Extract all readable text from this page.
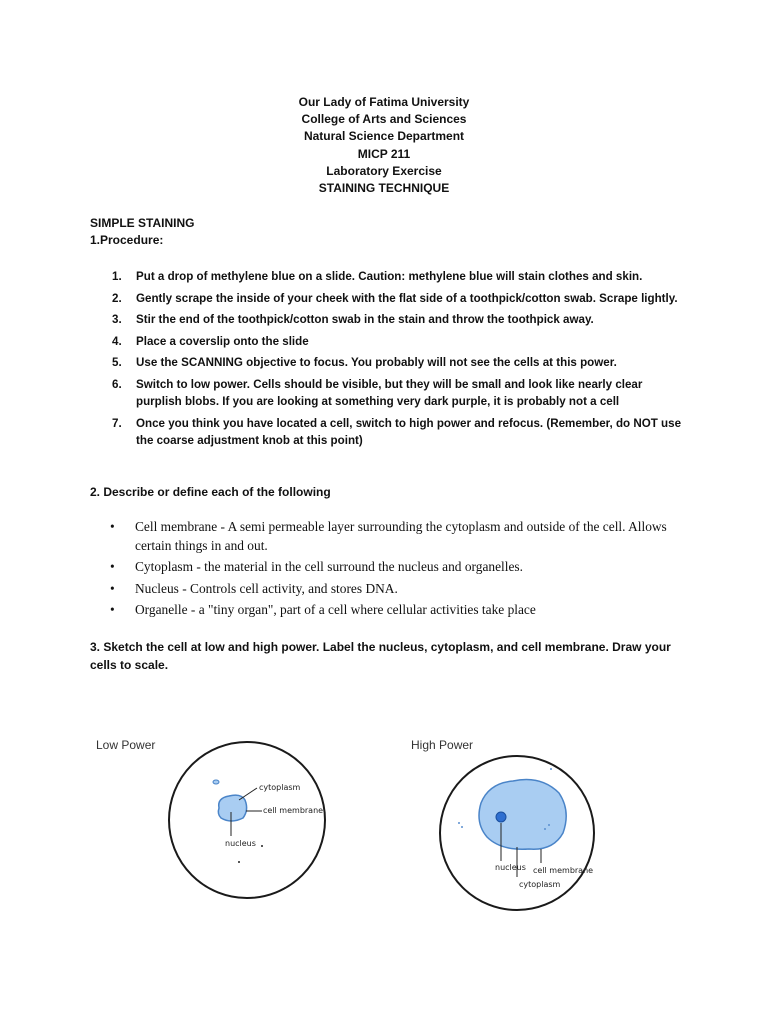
Our Lady of Fatima University
College of Arts and Sciences
Natural Science Department
MICP 211
Laboratory Exercise
STAINING TECHNIQUE
SIMPLE STAINING
1.Procedure:
1. Put a drop of methylene blue on a slide. Caution: methylene blue will stain clothes and skin.
2. Gently scrape the inside of your cheek with the flat side of a toothpick/cotton swab. Scrape lightly.
3. Stir the end of the toothpick/cotton swab in the stain and throw the toothpick away.
4. Place a coverslip onto the slide
5. Use the SCANNING objective to focus. You probably will not see the cells at this power.
6. Switch to low power. Cells should be visible, but they will be small and look like nearly clear purplish blobs. If you are looking at something very dark purple, it is probably not a cell
7. Once you think you have located a cell, switch to high power and refocus. (Remember, do NOT use the coarse adjustment knob at this point)
2. Describe or define each of the following
• Cell membrane - A semi permeable layer surrounding the cytoplasm and outside of the cell. Allows certain things in and out.
• Cytoplasm - the material in the cell surround the nucleus and organelles.
• Nucleus - Controls cell activity, and stores DNA.
• Organelle - a "tiny organ", part of a cell where cellular activities take place
3. Sketch the cell at low and high power. Label the nucleus, cytoplasm, and cell membrane. Draw your cells to scale.
Low Power
cytoplasm
cell membrane
nucleus
High Power
nucleus
cytoplasm
cell membrane
